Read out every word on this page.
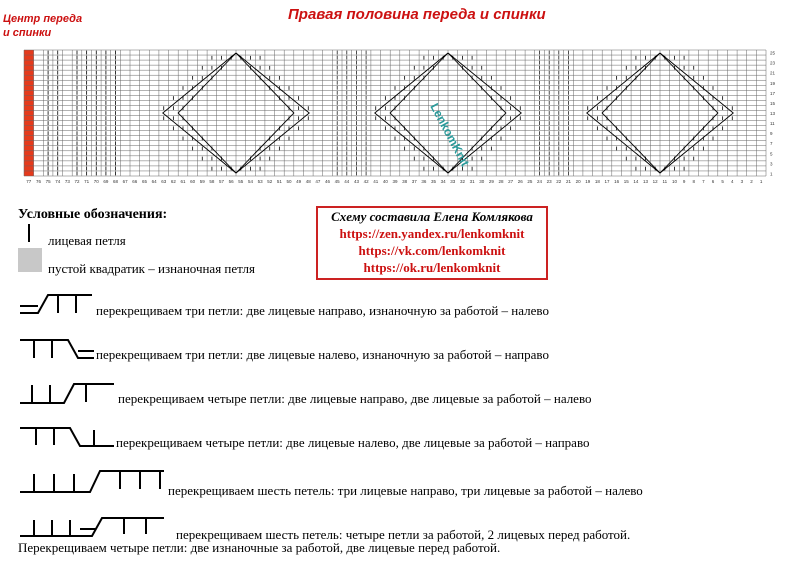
Центр переда
и спинки
Правая половина переда и спинки
77 76 75 74 73 72 71 70 69 68 67 66 65 64 63 62 61 60 59 58 57 56 55 54 53 52 51 50 49 48 47 46 45 44 43 42 41 40 39 38 37 36 35 34 33 32 31 30 29 28 27 26 25 24 23 22 21 20 19 18 17 16 15 14 13 12 11 10 9 8 7 6 5 4 3 2 1
25
23
21
19
17
15
13
11
9
7
5
3
1
LenkomKnit
Условные обозначения:	Схему составила Елена Комлякова
https://zen.yandex.ru/lenkomknit
https://vk.com/lenkomknit
https://ok.ru/lenkomknit
лицевая петля
пустой квадратик – изнаночная петля
перекрещиваем три петли: две лицевые направо, изнаночную за работой – налево
перекрещиваем три петли: две лицевые налево, изнаночную за работой – направо
перекрещиваем четыре петли: две лицевые направо, две лицевые за работой – налево
перекрещиваем четыре петли: две лицевые налево, две лицевые за работой – направо
перекрещиваем шесть петель: три лицевые направо, три лицевые за работой – налево
перекрещиваем шесть петель: четыре петли за работой, 2 лицевых перед работой.
Перекрещиваем четыре петли: две изнаночные за работой, две лицевые перед работой.
